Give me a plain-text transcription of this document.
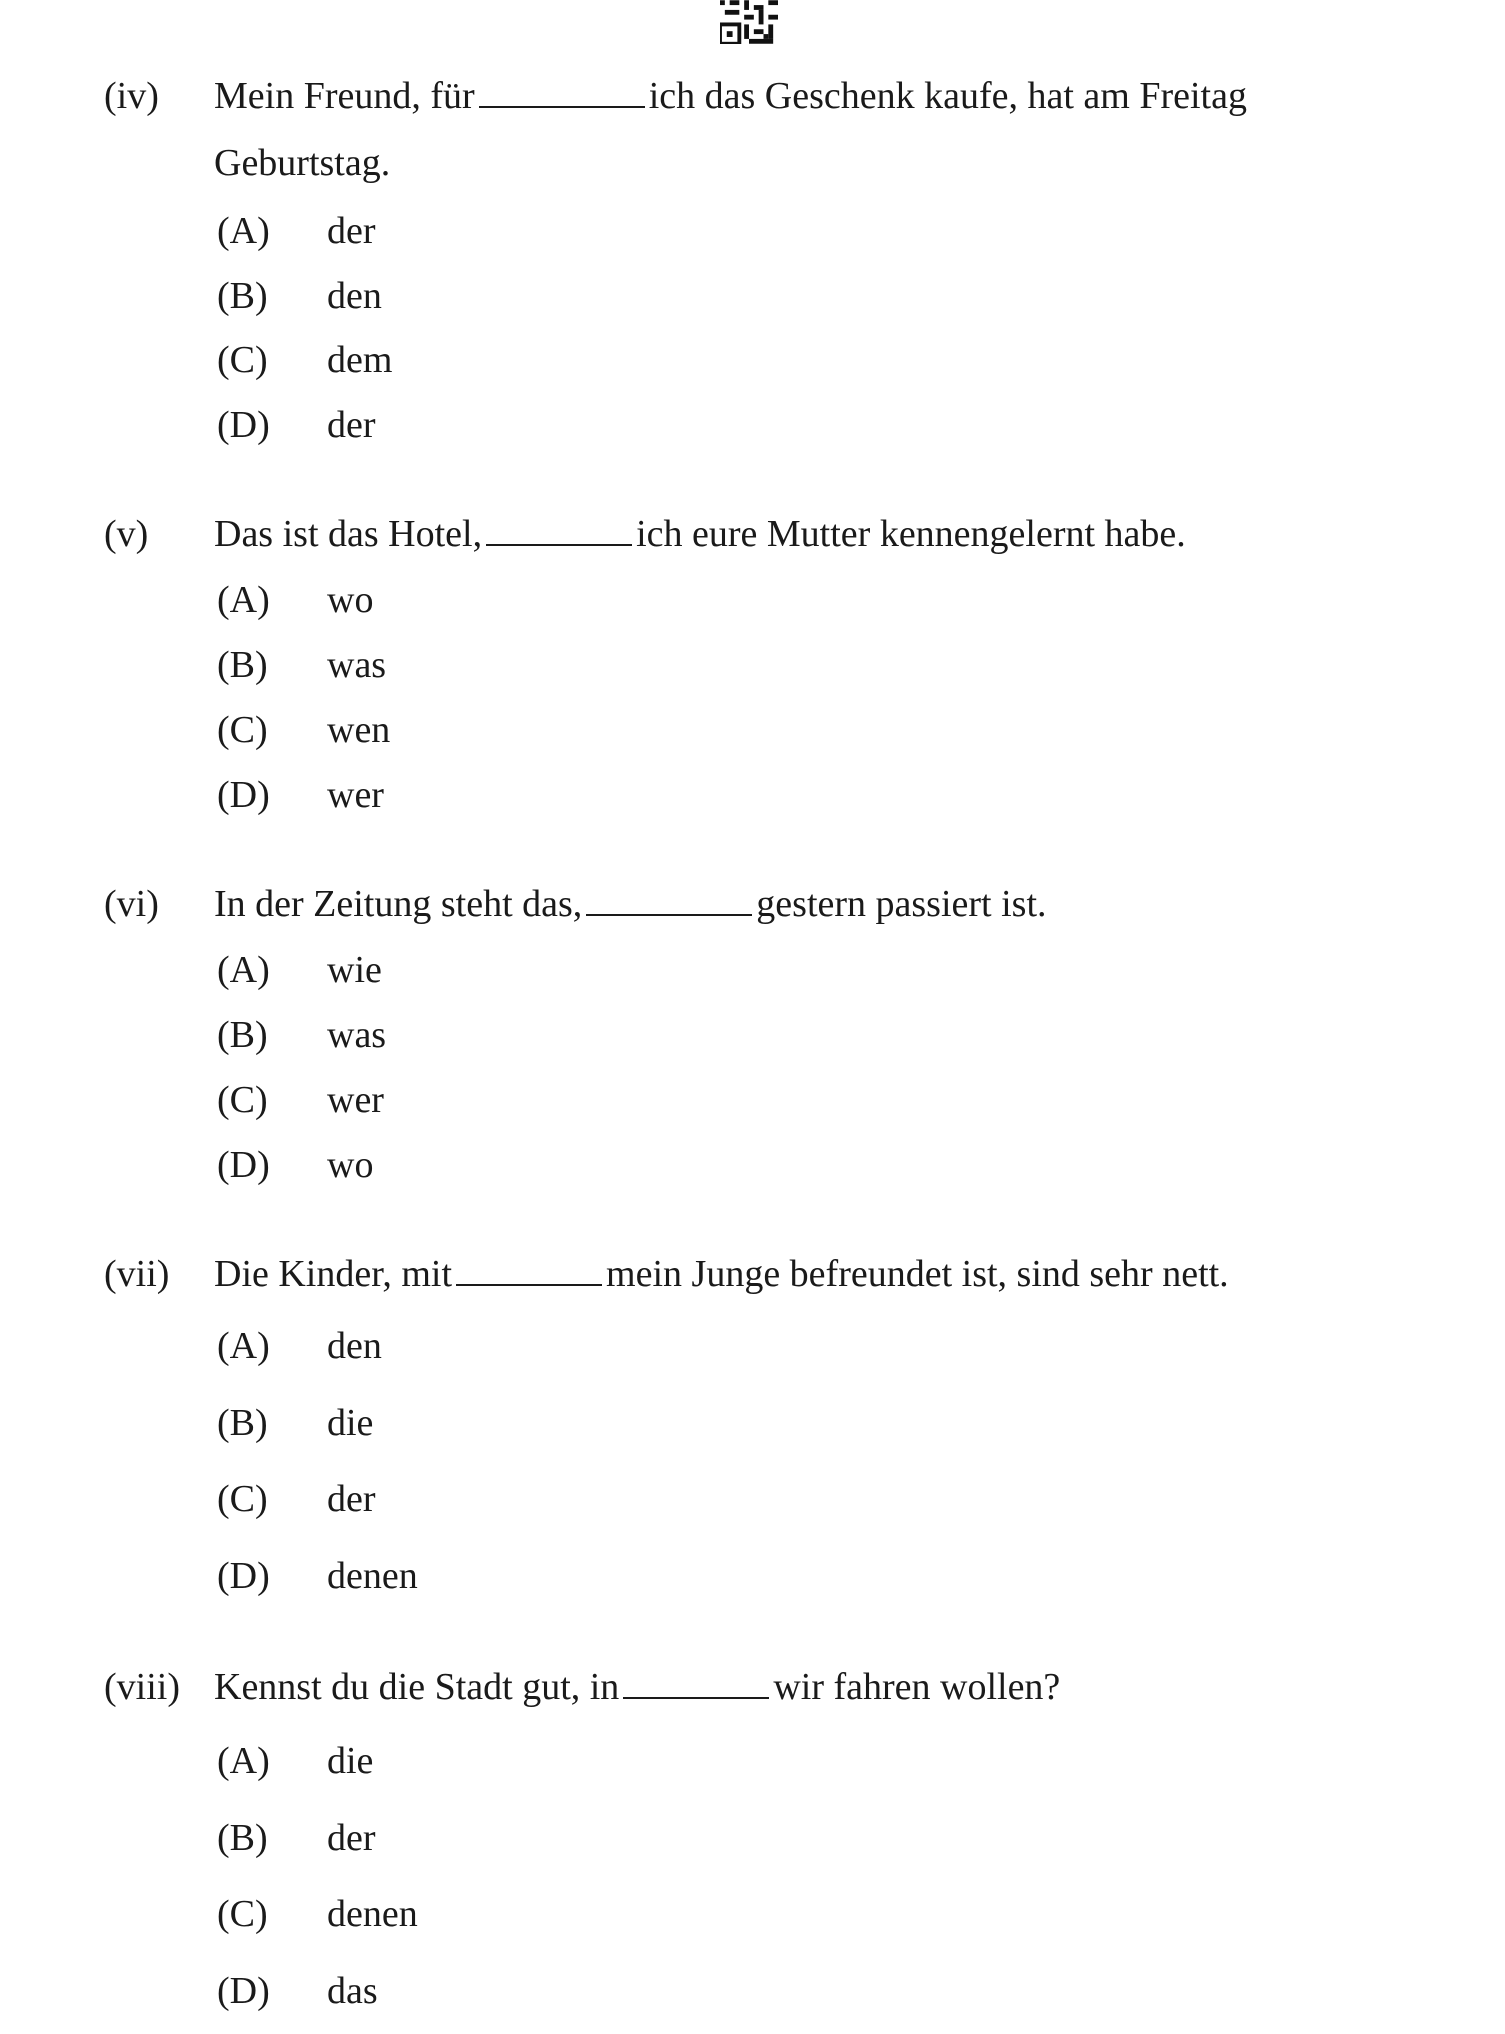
(iv) Mein Freund, für	ich das Geschenk kaufe, hat am Freitag
Geburtstag.
(A) der
(B) den
(C) dem
(D) der
(v) Das ist das Hotel,	ich eure Mutter kennengelernt habe.
(A) wo
(B) was
(C) wen
(D) wer
(vi) In der Zeitung steht das,	gestern passiert ist.
(A) wie
(B) was
(C) wer
(D) wo
(vii) Die Kinder, mit	mein Junge befreundet ist, sind sehr nett.
(A) den
(B) die
(C) der
(D) denen
(viii) Kennst du die Stadt gut, in	wir fahren wollen?
(A) die
(B) der
(C) denen
(D) das
